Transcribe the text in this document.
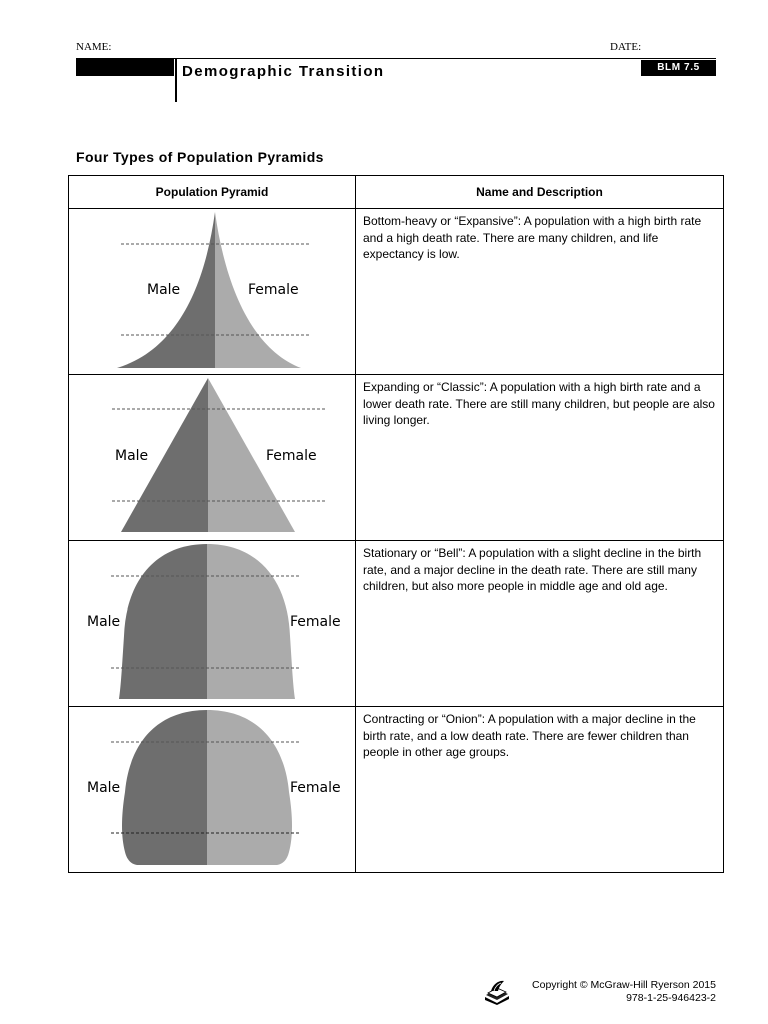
NAME:	DATE:
Demographic Transition	BLM 7.5
Four Types of Population Pyramids
Population Pyramid	Name and Description

Male Female	Bottom-heavy or “Expansive”: A population with a high birth rate and a high death rate. There are many children, and life expectancy is low.

Male Female	Expanding or “Classic”: A population with a high birth rate and a lower death rate. There are still many children, but people are also living longer.

Male Female	Stationary or “Bell”: A population with a slight decline in the birth rate, and a major decline in the death rate. There are still many children, but also more people in middle age and old age.

Male Female	Contracting or “Onion”: A population with a major decline in the birth rate, and a low death rate. There are fewer children than people in other age groups.
Copyright © McGraw-Hill Ryerson 2015
978-1-25-946423-2
